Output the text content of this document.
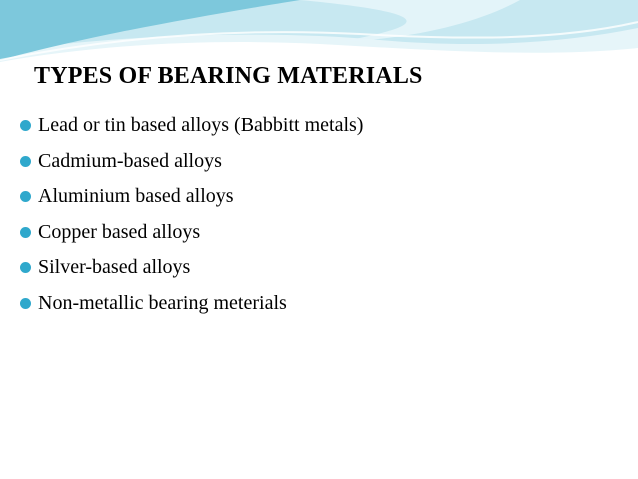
TYPES OF BEARING MATERIALS
Lead or tin based alloys (Babbitt metals)
Cadmium-based alloys
Aluminium based alloys
Copper based alloys
Silver-based alloys
Non-metallic bearing meterials
